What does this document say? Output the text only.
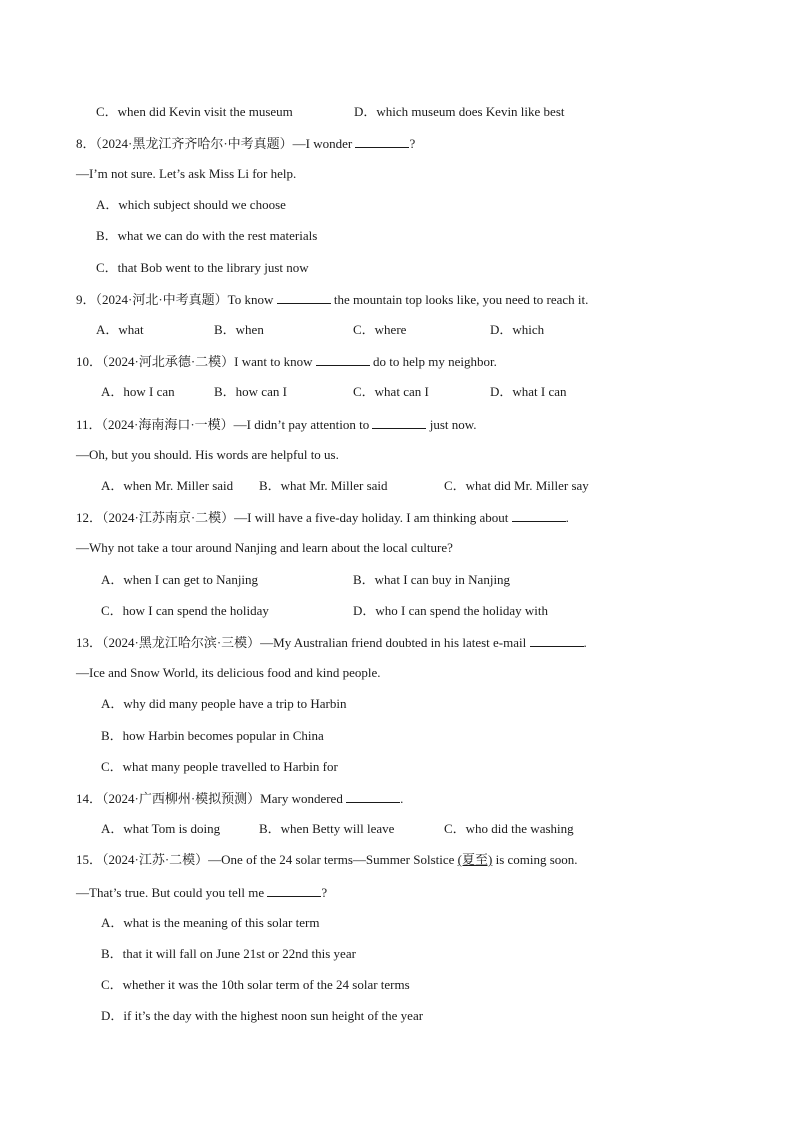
C．when did Kevin visit the museum	D．which museum does Kevin like best
8．（2024·黑龙江齐齐哈尔·中考真题）—I wonder	?
—I’m not sure. Let’s ask Miss Li for help.
A．which subject should we choose
B．what we can do with the rest materials
C．that Bob went to the library just now
9．（2024·河北·中考真题）To know	the mountain top looks like, you need to reach it.
A．what	B．when	C．where	D．which
10．（2024·河北承德·二模）I want to know	do to help my neighbor.
A．how I can	B．how can I	C．what can I	D．what I can
11．（2024·海南海口·一模）—I didn’t pay attention to	just now.
—Oh, but you should. His words are helpful to us.
A．when Mr. Miller said B．what Mr. Miller said	C．what did Mr. Miller say
12．（2024·江苏南京·二模）—I will have a five-day holiday. I am thinking about	.
—Why not take a tour around Nanjing and learn about the local culture?
A．when I can get to Nanjing	B．what I can buy in Nanjing
C．how I can spend the holiday	D．who I can spend the holiday with
13．（2024·黑龙江哈尔滨·三模）—My Australian friend doubted in his latest e-mail	.
—Ice and Snow World, its delicious food and kind people.
A．why did many people have a trip to Harbin
B．how Harbin becomes popular in China
C．what many people travelled to Harbin for
14．（2024·广西柳州·模拟预测）Mary wondered	.
A．what Tom is doing	B．when Betty will leave	C．who did the washing
15．（2024·江苏·二模）—One of the 24 solar terms—Summer Solstice (夏至) is coming soon.
—That’s true. But could you tell me	?
A．what is the meaning of this solar term
B．that it will fall on June 21st or 22nd this year
C．whether it was the 10th solar term of the 24 solar terms
D．if it’s the day with the highest noon sun height of the year
